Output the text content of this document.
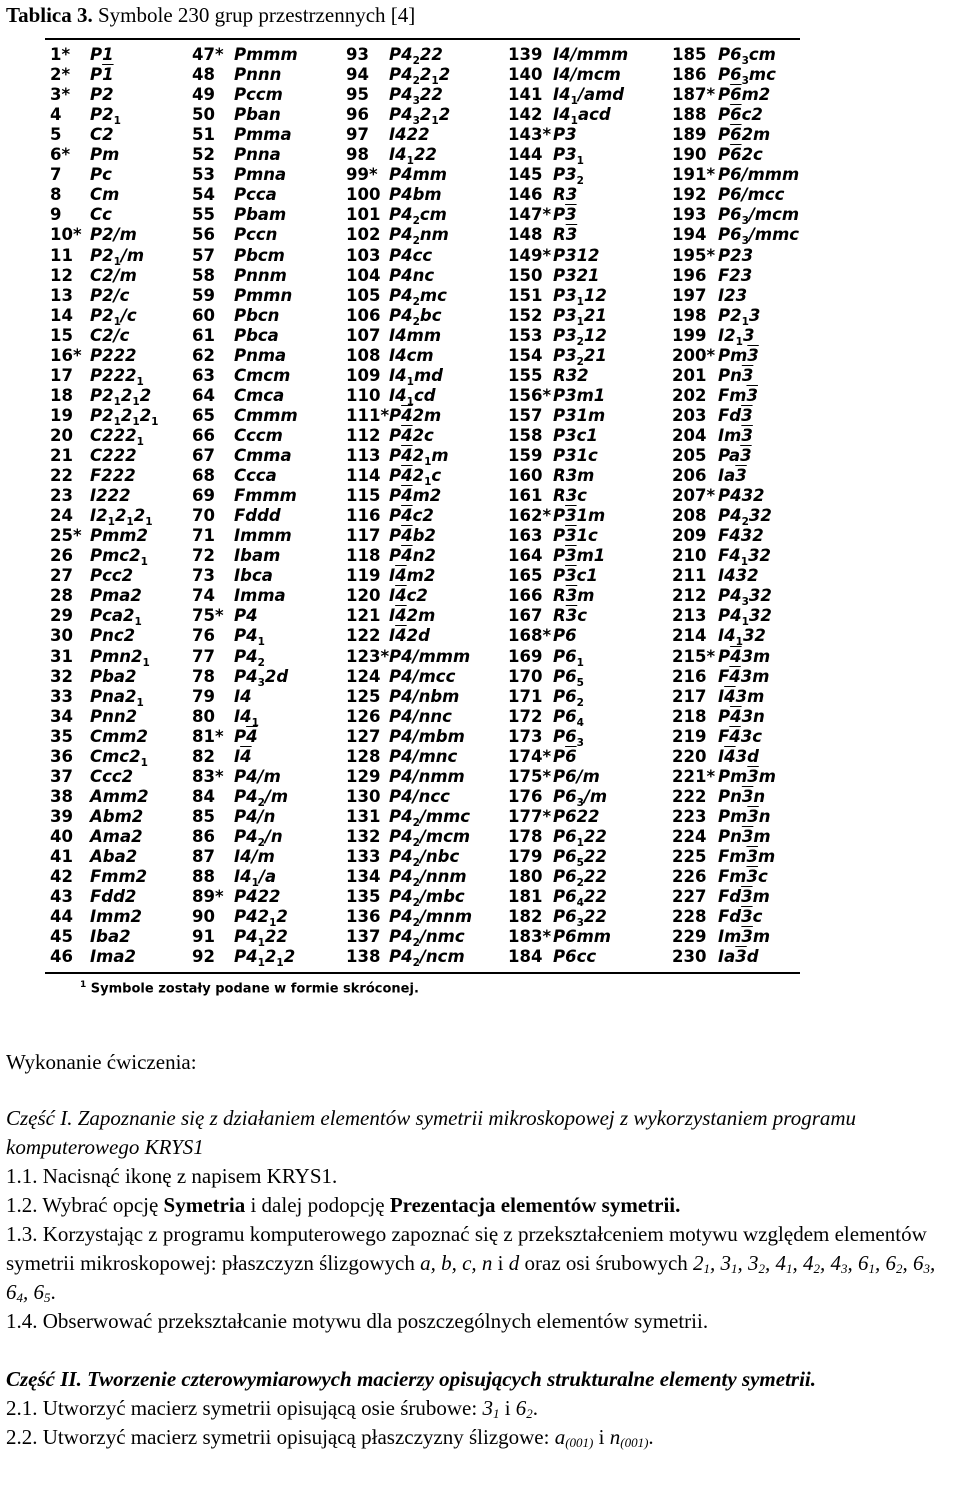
Tablica 3. Symbole 230 grup przestrzennych [4]
1* P1
2* P1
3* P2
4 $P2_1$
5 C2
6* Pm
7 Pc
8 Cm
9 Cc
10* P2/m
11 $P2_1/m$
12 C2/m
13 P2/c
14 $P2_1/c$
15 C2/c
16* P222
17 $P222_1$
18 $P2_12_12$
19 $P2_12_12_1$
20 $C222_1$
21 C222
22 F222
23 I222
24 $I2_12_12_1$
25* Pmm2
26 $Pmc2_1$
27 Pcc2
28 Pma2
29 $Pca2_1$
30 Pnc2
31 $Pmn2_1$
32 Pba2
33 $Pna2_1$
34 Pnn2
35 Cmm2
36 $Cmc2_1$
37 Ccc2
38 Amm2
39 Abm2
40 Ama2
41 Aba2
42 Fmm2
43 Fdd2
44 Imm2
45 Iba2
46 Ima2
47* Pmmm
48 Pnnn
49 Pccm
50 Pban
51 Pmma
52 Pnna
53 Pmna
54 Pcca
55 Pbam
56 Pccn
57 Pbcm
58 Pnnm
59 Pmmn
60 Pbcn
61 Pbca
62 Pnma
63 Cmcm
64 Cmca
65 Cmmm
66 Cccm
67 Cmma
68 Ccca
69 Fmmm
70 Fddd
71 Immm
72 Ibam
73 Ibca
74 Imma
75* P4
76 $P4_1$
77 $P4_2$
78 $P4_32d$
79 I4
80 $I4_1$
81* P4
82 I4
83* P4/m
84 $P4_2/m$
85 P4/n
86 $P4_2/n$
87 I4/m
88 $I4_1/a$
89* P422
90 $P42_12$
91 $P4_122$
92 $P4_12_12$
93 $P4_222$
94 $P4_22_12$
95 $P4_322$
96 $P4_32_12$
97 I422
98 $I4_122$
99* P4mm
100 P4bm
101 $P4_2cm$
102 $P4_2nm$
103 P4cc
104 P4nc
105 $P4_2mc$
106 $P4_2bc$
107 I4mm
108 I4cm
109 $I4_1md$
110 $I4_1cd$
111* P42m
112 P42c
113 $P42_1m$
114 $P42_1c$
115 P4m2
116 P4c2
117 P4b2
118 P4n2
119 I4m2
120 I4c2
121 I42m
122 I42d
123* P4/mmm
124 P4/mcc
125 P4/nbm
126 P4/nnc
127 P4/mbm
128 P4/mnc
129 P4/nmm
130 P4/ncc
131 $P4_2$/mmc
132 $P4_2$/mcm
133 $P4_2$/nbc
134 $P4_2$/nnm
135 $P4_2$/mbc
136 $P4_2$/mnm
137 $P4_2$/nmc
138 $P4_2$/ncm
139 I4/mmm
140 I4/mcm
141 $I4_1$/amd
142 $I4_1acd$
143* P3
144 $P3_1$
145 $P3_2$
146 R3
147* P3
148 R3
149* P312
150 P321
151 $P3_112$
152 $P3_121$
153 $P3_212$
154 $P3_221$
155 R32
156* P3m1
157 P31m
158 P3c1
159 P31c
160 R3m
161 R3c
162* P31m
163 P31c
164 P3m1
165 P3c1
166 R3m
167 R3c
168* P6
169 $P6_1$
170 $P6_5$
171 $P6_2$
172 $P6_4$
173 $P6_3$
174* P6
175* P6/m
176 $P6_3/m$
177* P622
178 $P6_122$
179 $P6_522$
180 $P6_222$
181 $P6_422$
182 $P6_322$
183* P6mm
184 P6cc
185 $P6_3cm$
186 $P6_3mc$
187* P6m2
188 P6c2
189 P62m
190 P62c
191* P6/mmm
192 P6/mcc
193 $P6_3$/mcm
194 $P6_3$/mmc
195* P23
196 F23
197 I23
198 $P2_13$
199 $I2_13$
200* Pm3
201 Pn3
202 Fm3
203 Fd3
204 Im3
205 Pa3
206 Ia3
207* P432
208 $P4_232$
209 F432
210 $F4_132$
211 I432
212 $P4_332$
213 $P4_132$
214 $I4_132$
215* P43m
216 F43m
217 I43m
218 P43n
219 F43c
220 I43d
221* Pm3m
222 Pn3n
223 Pm3n
224 Pn3m
225 Fm3m
226 Fm3c
227 Fd3m
228 Fd3c
229 Im3m
230 Ia3d
$^1$ Symbole zostały podane w formie skróconej.
Wykonanie ćwiczenia:
Część I. Zapoznanie się z działaniem elementów symetrii mikroskopowej z wykorzystaniem programu komputerowego KRYS1
1.1. Nacisnąć ikonę z napisem KRYS1.
1.2. Wybrać opcję Symetria i dalej podopcję Prezentacja elementów symetrii.
1.3. Korzystając z programu komputerowego zapoznać się z przekształceniem motywu względem elementów symetrii mikroskopowej: płaszczyzn ślizgowych a, b, c, n i d oraz osi śrubowych $2_1$, $3_1$, $3_2$, $4_1$, $4_2$, $4_3$, $6_1$, $6_2$, $6_3$, $6_4$, $6_5$.
1.4. Obserwować przekształcanie motywu dla poszczególnych elementów symetrii.
Część II. Tworzenie czterowymiarowych macierzy opisujących strukturalne elementy symetrii.
2.1. Utworzyć macierz symetrii opisującą osie śrubowe: $3_1$ i $6_2$.
2.2. Utworzyć macierz symetrii opisującą płaszczyzny ślizgowe: $a_{(001)}$ i $n_{(001)}$.
